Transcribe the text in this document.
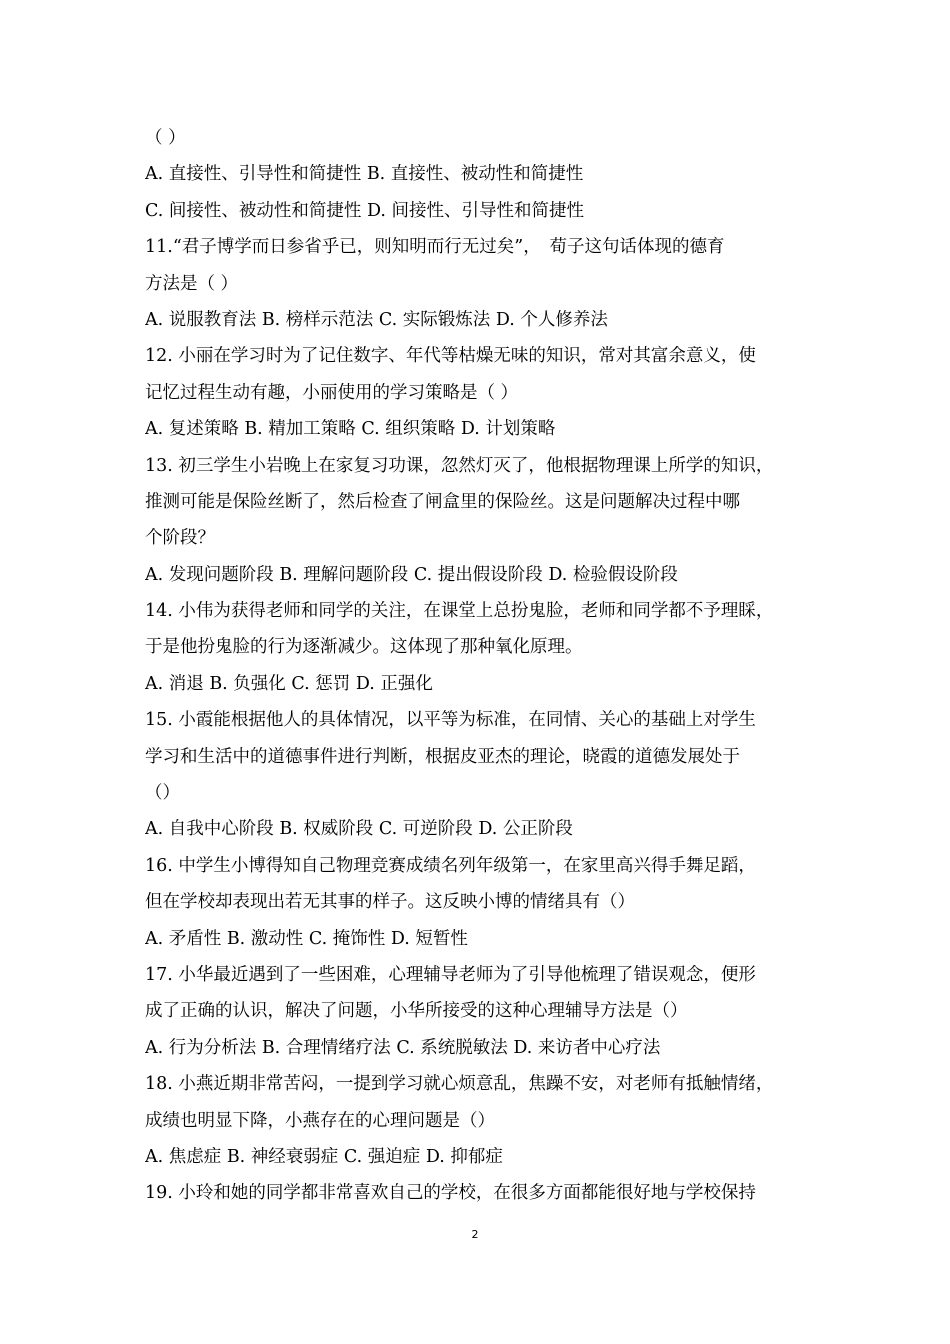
（ ）
A. 直接性、引导性和简捷性 B. 直接性、被动性和简捷性
C. 间接性、被动性和简捷性 D. 间接性、引导性和简捷性
11.“君子博学而日参省乎已，则知明而行无过矣”，　荀子这句话体现的德育
方法是（ ）
A. 说服教育法 B. 榜样示范法 C. 实际锻炼法 D. 个人修养法
12. 小丽在学习时为了记住数字、年代等枯燥无味的知识，常对其富余意义，使
记忆过程生动有趣，小丽使用的学习策略是（ ）
A. 复述策略 B. 精加工策略 C. 组织策略 D. 计划策略
13. 初三学生小岩晚上在家复习功课，忽然灯灭了，他根据物理课上所学的知识，
推测可能是保险丝断了，然后检查了闸盒里的保险丝。这是问题解决过程中哪
个阶段？
A. 发现问题阶段 B. 理解问题阶段 C. 提出假设阶段 D. 检验假设阶段
14. 小伟为获得老师和同学的关注，在课堂上总扮鬼脸，老师和同学都不予理睬，
于是他扮鬼脸的行为逐渐减少。这体现了那种氧化原理。
A. 消退 B. 负强化 C. 惩罚 D. 正强化
15. 小霞能根据他人的具体情况，以平等为标准，在同情、关心的基础上对学生
学习和生活中的道德事件进行判断，根据皮亚杰的理论，晓霞的道德发展处于
（）
A. 自我中心阶段 B. 权威阶段 C. 可逆阶段 D. 公正阶段
16. 中学生小博得知自己物理竞赛成绩名列年级第一，在家里高兴得手舞足蹈，
但在学校却表现出若无其事的样子。这反映小博的情绪具有（）
A. 矛盾性 B. 激动性 C. 掩饰性 D. 短暂性
17. 小华最近遇到了一些困难，心理辅导老师为了引导他梳理了错误观念，便形
成了正确的认识，解决了问题，小华所接受的这种心理辅导方法是（）
A. 行为分析法 B. 合理情绪疗法 C. 系统脱敏法 D. 来访者中心疗法
18. 小燕近期非常苦闷，一提到学习就心烦意乱，焦躁不安，对老师有抵触情绪，
成绩也明显下降，小燕存在的心理问题是（）
A. 焦虑症 B. 神经衰弱症 C. 强迫症 D. 抑郁症
19. 小玲和她的同学都非常喜欢自己的学校，在很多方面都能很好地与学校保持
2
